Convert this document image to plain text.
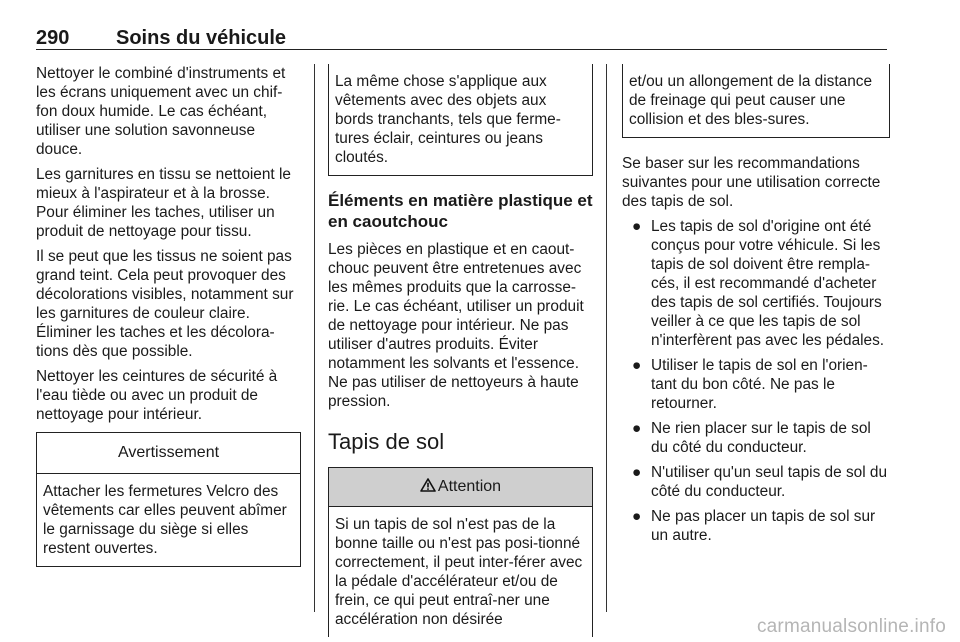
290 Soins du véhicule

Nettoyer le combiné d'instruments et les écrans uniquement avec un chif-fon doux humide. Le cas échéant, utiliser une solution savonneuse douce.

Les garnitures en tissu se nettoient le mieux à l'aspirateur et à la brosse. Pour éliminer les taches, utiliser un produit de nettoyage pour tissu.

Il se peut que les tissus ne soient pas grand teint. Cela peut provoquer des décolorations visibles, notamment sur les garnitures de couleur claire. Éliminer les taches et les décolora-tions dès que possible.

Nettoyer les ceintures de sécurité à l'eau tiède ou avec un produit de nettoyage pour intérieur.

Avertissement
Attacher les fermetures Velcro des vêtements car elles peuvent abîmer le garnissage du siège si elles restent ouvertes.
La même chose s'applique aux vêtements avec des objets aux bords tranchants, tels que ferme-tures éclair, ceintures ou jeans cloutés.
Éléments en matière plastique et en caoutchouc

Les pièces en plastique et en caout-chouc peuvent être entretenues avec les mêmes produits que la carrosse-rie. Le cas échéant, utiliser un produit de nettoyage pour intérieur. Ne pas utiliser d'autres produits. Éviter notamment les solvants et l'essence. Ne pas utiliser de nettoyeurs à haute pression.

Tapis de sol
Attention
Si un tapis de sol n'est pas de la bonne taille ou n'est pas posi-tionné correctement, il peut inter-férer avec la pédale d'accélérateur et/ou de frein, ce qui peut entraî-ner une accélération non désirée
et/ou un allongement de la distance de freinage qui peut causer une collision et des bles-sures.

Se baser sur les recommandations suivantes pour une utilisation correcte des tapis de sol.

● Les tapis de sol d'origine ont été conçus pour votre véhicule. Si les tapis de sol doivent être rempla-cés, il est recommandé d'acheter des tapis de sol certifiés. Toujours veiller à ce que les tapis de sol n'interfèrent pas avec les pédales.
● Utiliser le tapis de sol en l'orien-tant du bon côté. Ne pas le retourner.
● Ne rien placer sur le tapis de sol du côté du conducteur.
● N'utiliser qu'un seul tapis de sol du côté du conducteur.
● Ne pas placer un tapis de sol sur un autre.
carmanualsonline.info
